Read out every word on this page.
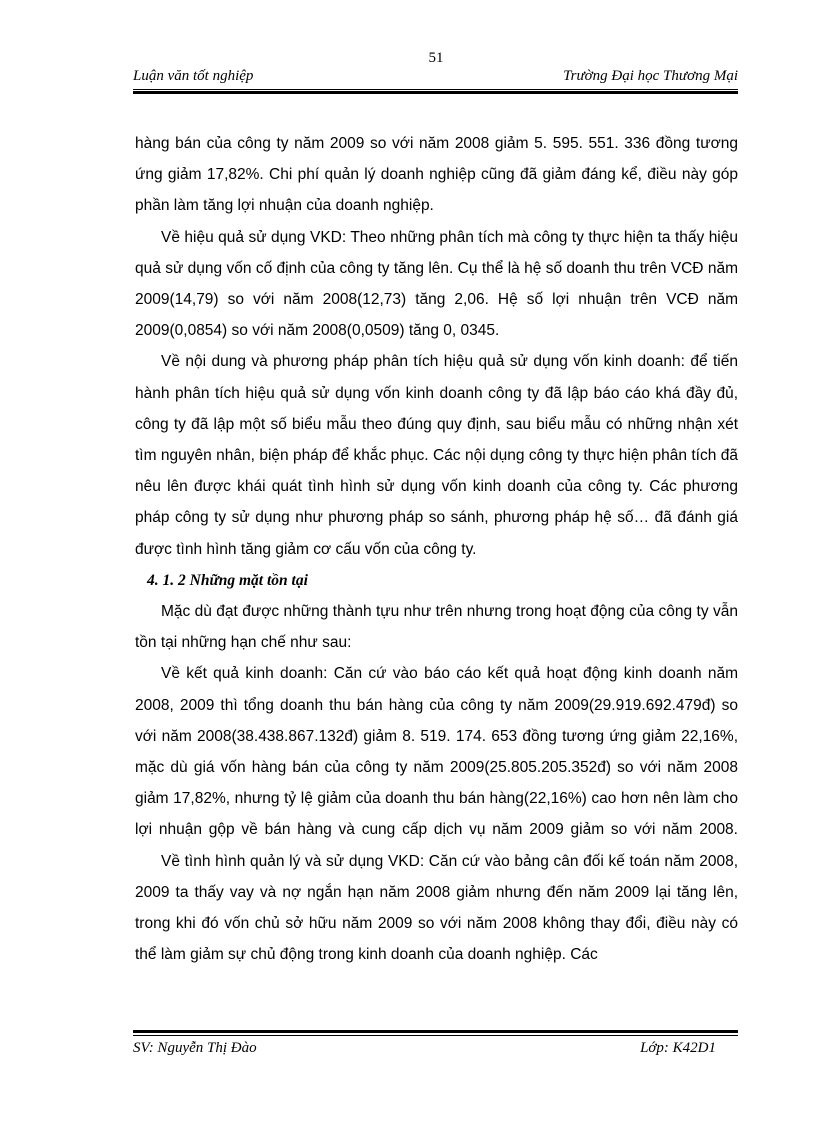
51
Luận văn tốt nghiệp	Trường Đại học Thương Mại

hàng bán của công ty năm 2009 so với năm 2008 giảm 5. 595. 551. 336 đồng tương ứng giảm 17,82%. Chi phí quản lý doanh nghiệp cũng đã giảm đáng kể, điều này góp phần làm tăng lợi nhuận của doanh nghiệp.

Về hiệu quả sử dụng VKD: Theo những phân tích mà công ty thực hiện ta thấy hiệu quả sử dụng vốn cố định của công ty tăng lên. Cụ thể là hệ số doanh thu trên VCĐ năm 2009(14,79) so với năm 2008(12,73) tăng 2,06. Hệ số lợi nhuận trên VCĐ năm 2009(0,0854) so với năm 2008(0,0509) tăng 0, 0345.

Về nội dung và phương pháp phân tích hiệu quả sử dụng vốn kinh doanh: để tiến hành phân tích hiệu quả sử dụng vốn kinh doanh công ty đã lập báo cáo khá đầy đủ, công ty đã lập một số biểu mẫu theo đúng quy định, sau biểu mẫu có những nhận xét tìm nguyên nhân, biện pháp để khắc phục. Các nội dụng công ty thực hiện phân tích đã nêu lên được khái quát tình hình sử dụng vốn kinh doanh của công ty. Các phương pháp công ty sử dụng như phương pháp so sánh, phương pháp hệ số… đã đánh giá được tình hình tăng giảm cơ cấu vốn của công ty.

4. 1. 2 Những mặt tồn tại

Mặc dù đạt được những thành tựu như trên nhưng trong hoạt động của công ty vẫn tồn tại những hạn chế như sau:

Về kết quả kinh doanh: Căn cứ vào báo cáo kết quả hoạt động kinh doanh năm 2008, 2009 thì tổng doanh thu bán hàng của công ty năm 2009(29.919.692.479đ) so với năm 2008(38.438.867.132đ) giảm 8. 519. 174. 653 đồng tương ứng giảm 22,16%, mặc dù giá vốn hàng bán của công ty năm 2009(25.805.205.352đ) so với năm 2008 giảm 17,82%, nhưng tỷ lệ giảm của doanh thu bán hàng(22,16%) cao hơn nên làm cho lợi nhuận gộp về bán hàng và cung cấp dịch vụ năm 2009 giảm so với năm 2008.

Về tình hình quản lý và sử dụng VKD: Căn cứ vào bảng cân đối kế toán năm 2008, 2009 ta thấy vay và nợ ngắn hạn năm 2008 giảm nhưng đến năm 2009 lại tăng lên, trong khi đó vốn chủ sở hữu năm 2009 so với năm 2008 không thay đổi, điều này có thể làm giảm sự chủ động trong kinh doanh của doanh nghiệp. Các

SV: Nguyễn Thị Đào	Lớp: K42D1
